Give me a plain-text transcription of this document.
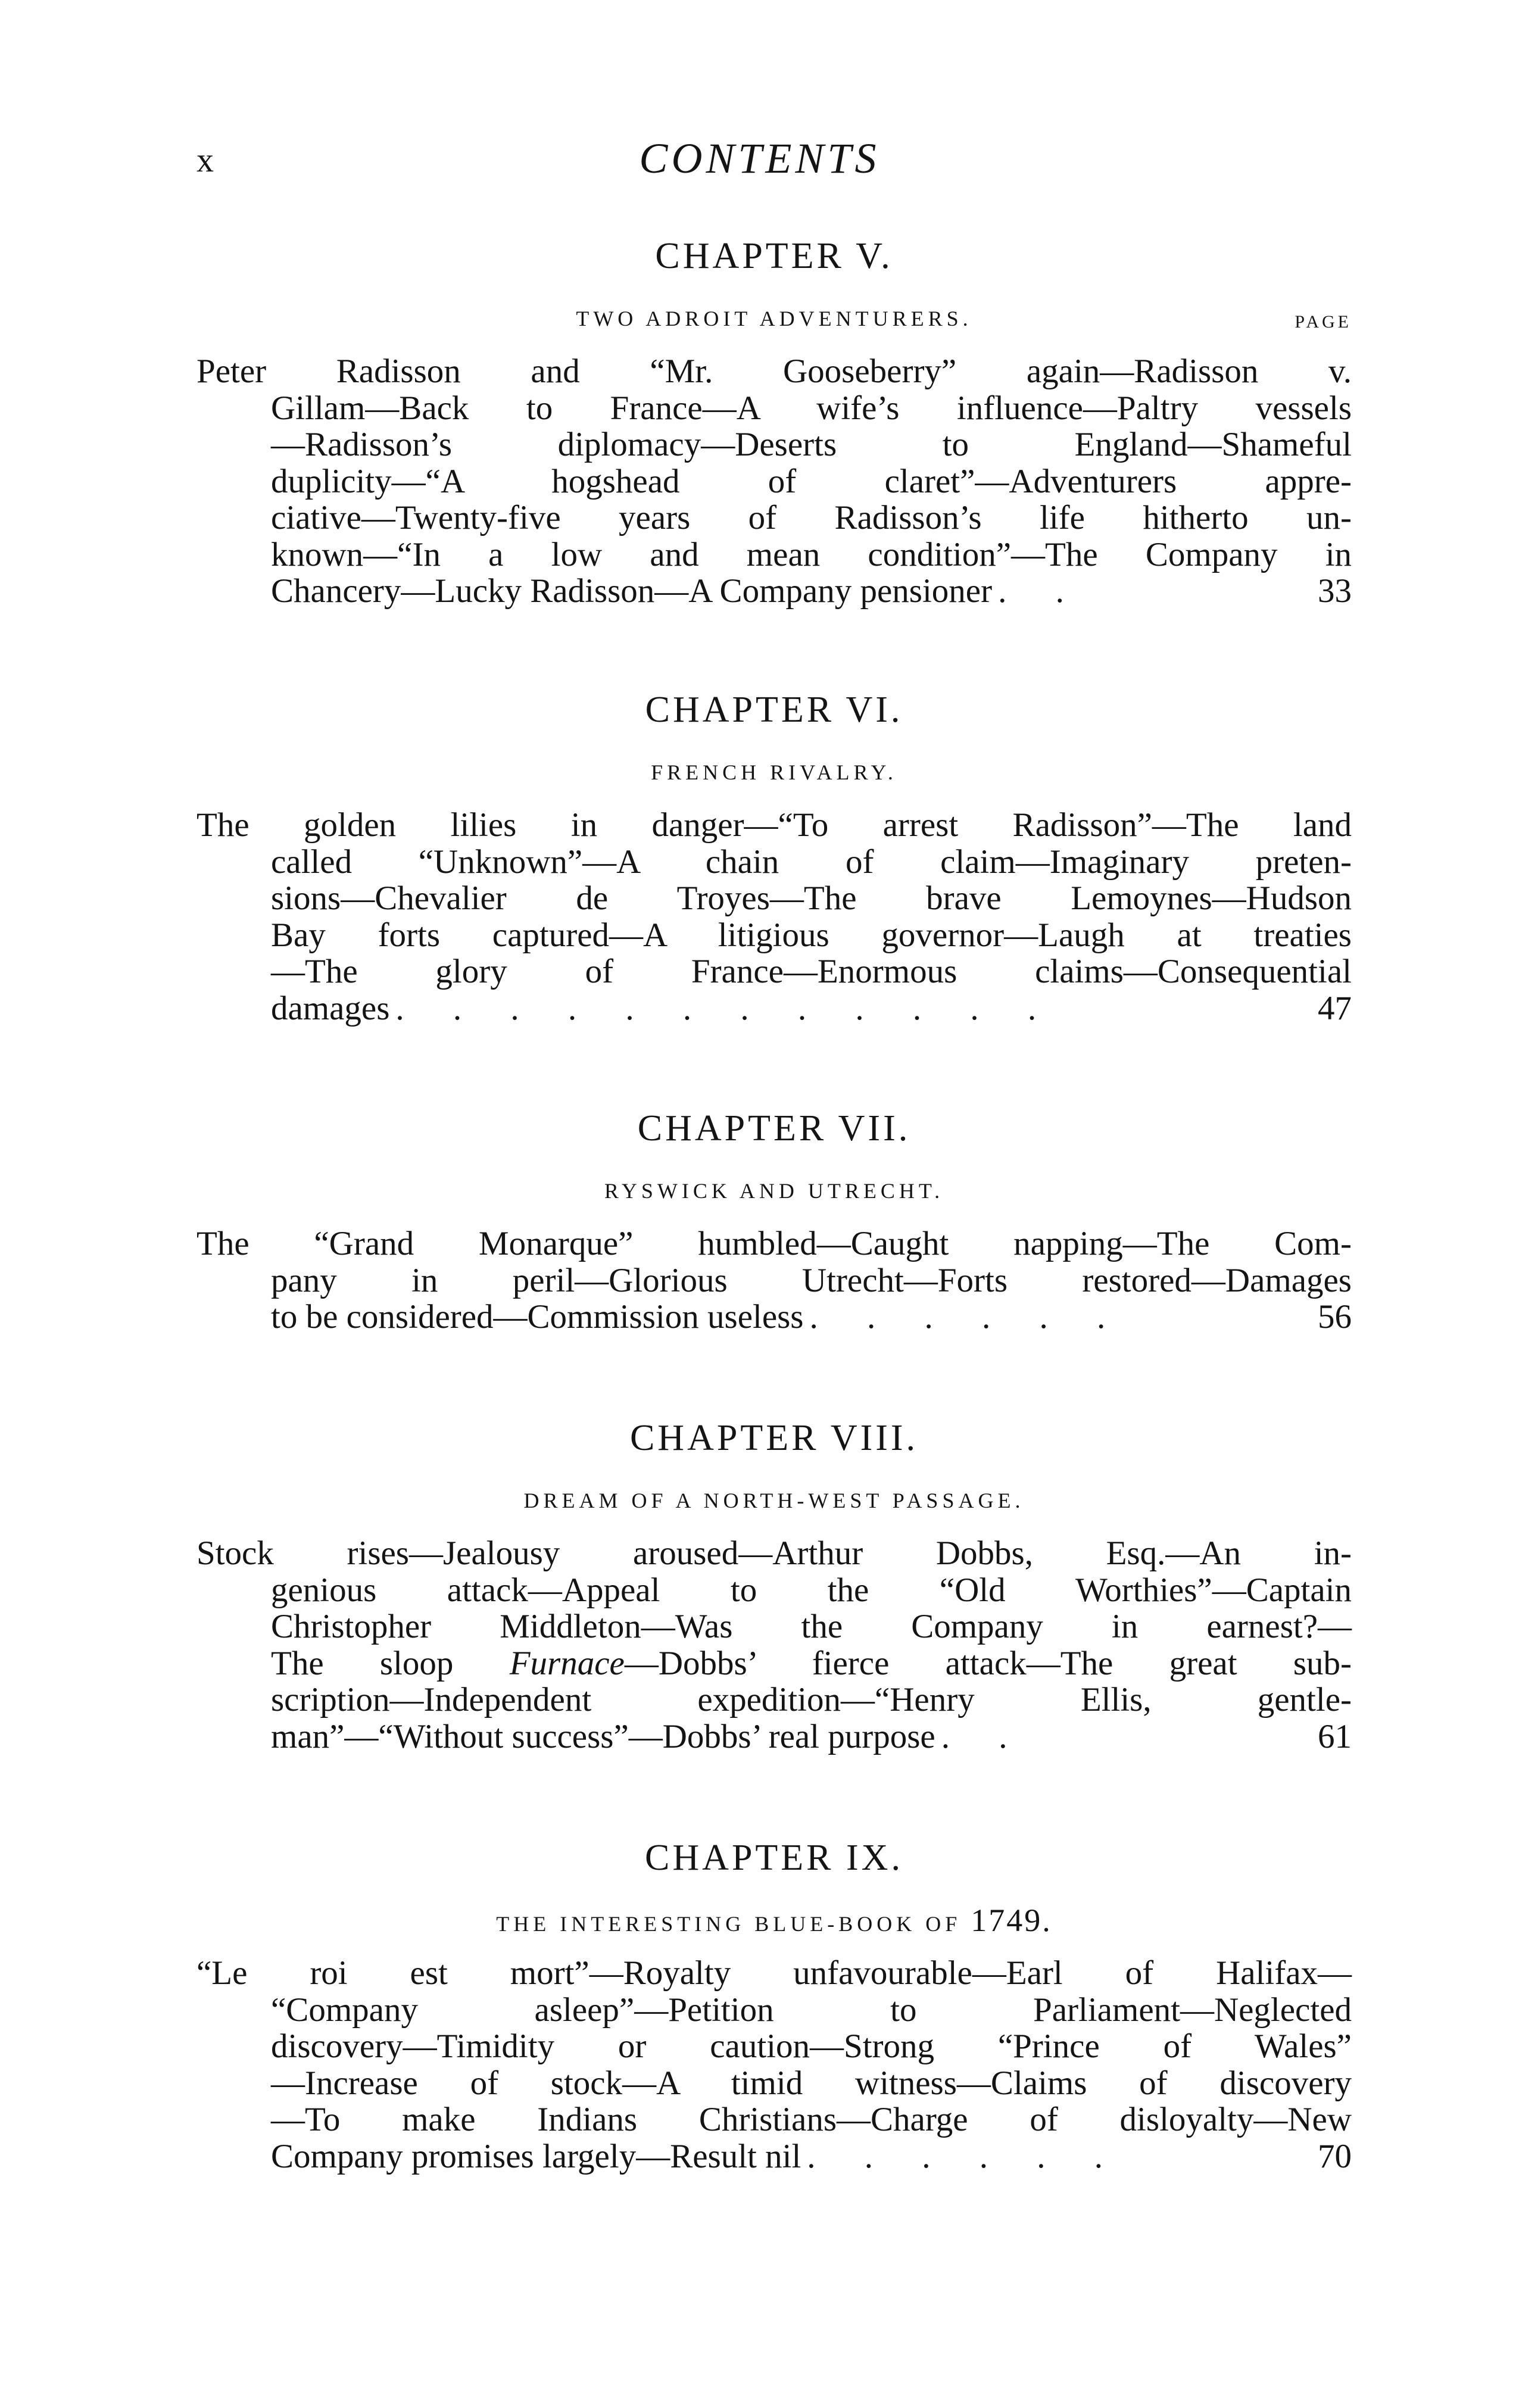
x	CONTENTS
CHAPTER V.
TWO ADROIT ADVENTURERS.	PAGE
Peter Radisson and “Mr. Gooseberry” again—Radisson v.
Gillam—Back to France—A wife’s influence—Paltry vessels
—Radisson’s diplomacy—Deserts to England—Shameful
duplicity—“A hogshead of claret”—Adventurers appre-
ciative—Twenty-five years of Radisson’s life hitherto un-
known—“In a low and mean condition”—The Company in
Chancery—Lucky Radisson—A Company pensioner . .	33
CHAPTER VI.
FRENCH RIVALRY.
The golden lilies in danger—“To arrest Radisson”—The land
called “Unknown”—A chain of claim—Imaginary preten-
sions—Chevalier de Troyes—The brave Lemoynes—Hudson
Bay forts captured—A litigious governor—Laugh at treaties
—The glory of France—Enormous claims—Consequential
damages . . . . . . . . . . . .	47
CHAPTER VII.
RYSWICK AND UTRECHT.
The “Grand Monarque” humbled—Caught napping—The Com-
pany in peril—Glorious Utrecht—Forts restored—Damages
to be considered—Commission useless . . . . . .	56
CHAPTER VIII.
DREAM OF A NORTH-WEST PASSAGE.
Stock rises—Jealousy aroused—Arthur Dobbs, Esq.—An in-
genious attack—Appeal to the “Old Worthies”—Captain
Christopher Middleton—Was the Company in earnest?—
The sloop Furnace—Dobbs’ fierce attack—The great sub-
scription—Independent expedition—“Henry Ellis, gentle-
man”—“Without success”—Dobbs’ real purpose . .	61
CHAPTER IX.
THE INTERESTING BLUE-BOOK OF 1749.
“Le roi est mort”—Royalty unfavourable—Earl of Halifax—
“Company asleep”—Petition to Parliament—Neglected
discovery—Timidity or caution—Strong “Prince of Wales”
—Increase of stock—A timid witness—Claims of discovery
—To make Indians Christians—Charge of disloyalty—New
Company promises largely—Result nil . . . . . .	70
